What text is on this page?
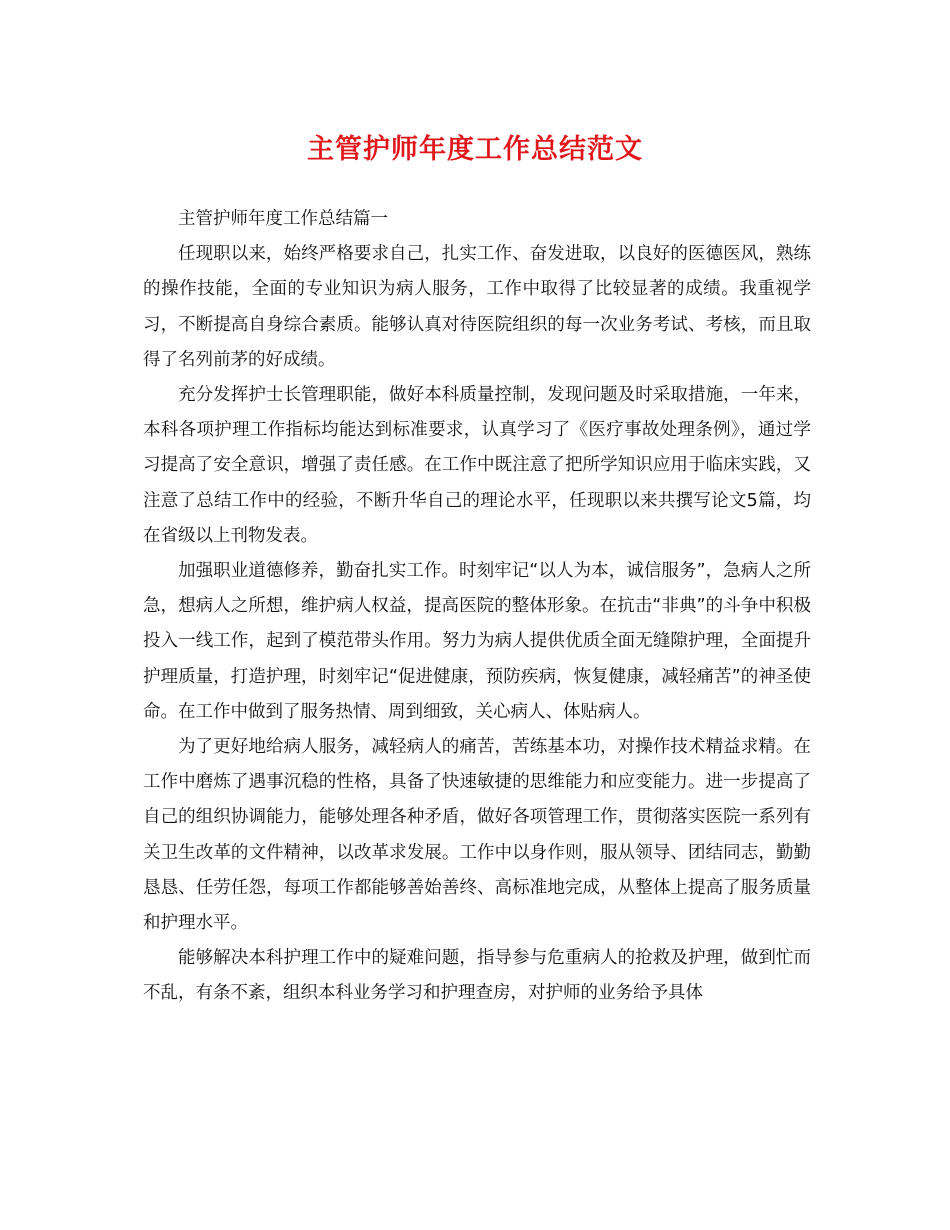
主管护师年度工作总结范文

主管护师年度工作总结篇一

任现职以来，始终严格要求自己，扎实工作、奋发进取，以良好的医德医风，熟练的操作技能，全面的专业知识为病人服务，工作中取得了比较显著的成绩。我重视学习，不断提高自身综合素质。能够认真对待医院组织的每一次业务考试、考核，而且取得了名列前茅的好成绩。

充分发挥护士长管理职能，做好本科质量控制，发现问题及时采取措施，一年来，本科各项护理工作指标均能达到标准要求，认真学习了《医疗事故处理条例》，通过学习提高了安全意识，增强了责任感。在工作中既注意了把所学知识应用于临床实践，又注意了总结工作中的经验，不断升华自己的理论水平，任现职以来共撰写论文5篇，均在省级以上刊物发表。

加强职业道德修养，勤奋扎实工作。时刻牢记“以人为本，诚信服务”，急病人之所急，想病人之所想，维护病人权益，提高医院的整体形象。在抗击“非典”的斗争中积极投入一线工作，起到了模范带头作用。努力为病人提供优质全面无缝隙护理，全面提升护理质量，打造护理，时刻牢记“促进健康，预防疾病，恢复健康，减轻痛苦”的神圣使命。在工作中做到了服务热情、周到细致，关心病人、体贴病人。

为了更好地给病人服务，减轻病人的痛苦，苦练基本功，对操作技术精益求精。在工作中磨炼了遇事沉稳的性格，具备了快速敏捷的思维能力和应变能力。进一步提高了自己的组织协调能力，能够处理各种矛盾，做好各项管理工作，贯彻落实医院一系列有关卫生改革的文件精神，以改革求发展。工作中以身作则，服从领导、团结同志，勤勤恳恳、任劳任怨，每项工作都能够善始善终、高标准地完成，从整体上提高了服务质量和护理水平。

能够解决本科护理工作中的疑难问题，指导参与危重病人的抢救及护理，做到忙而不乱，有条不紊，组织本科业务学习和护理查房，对护师的业务给予具体
